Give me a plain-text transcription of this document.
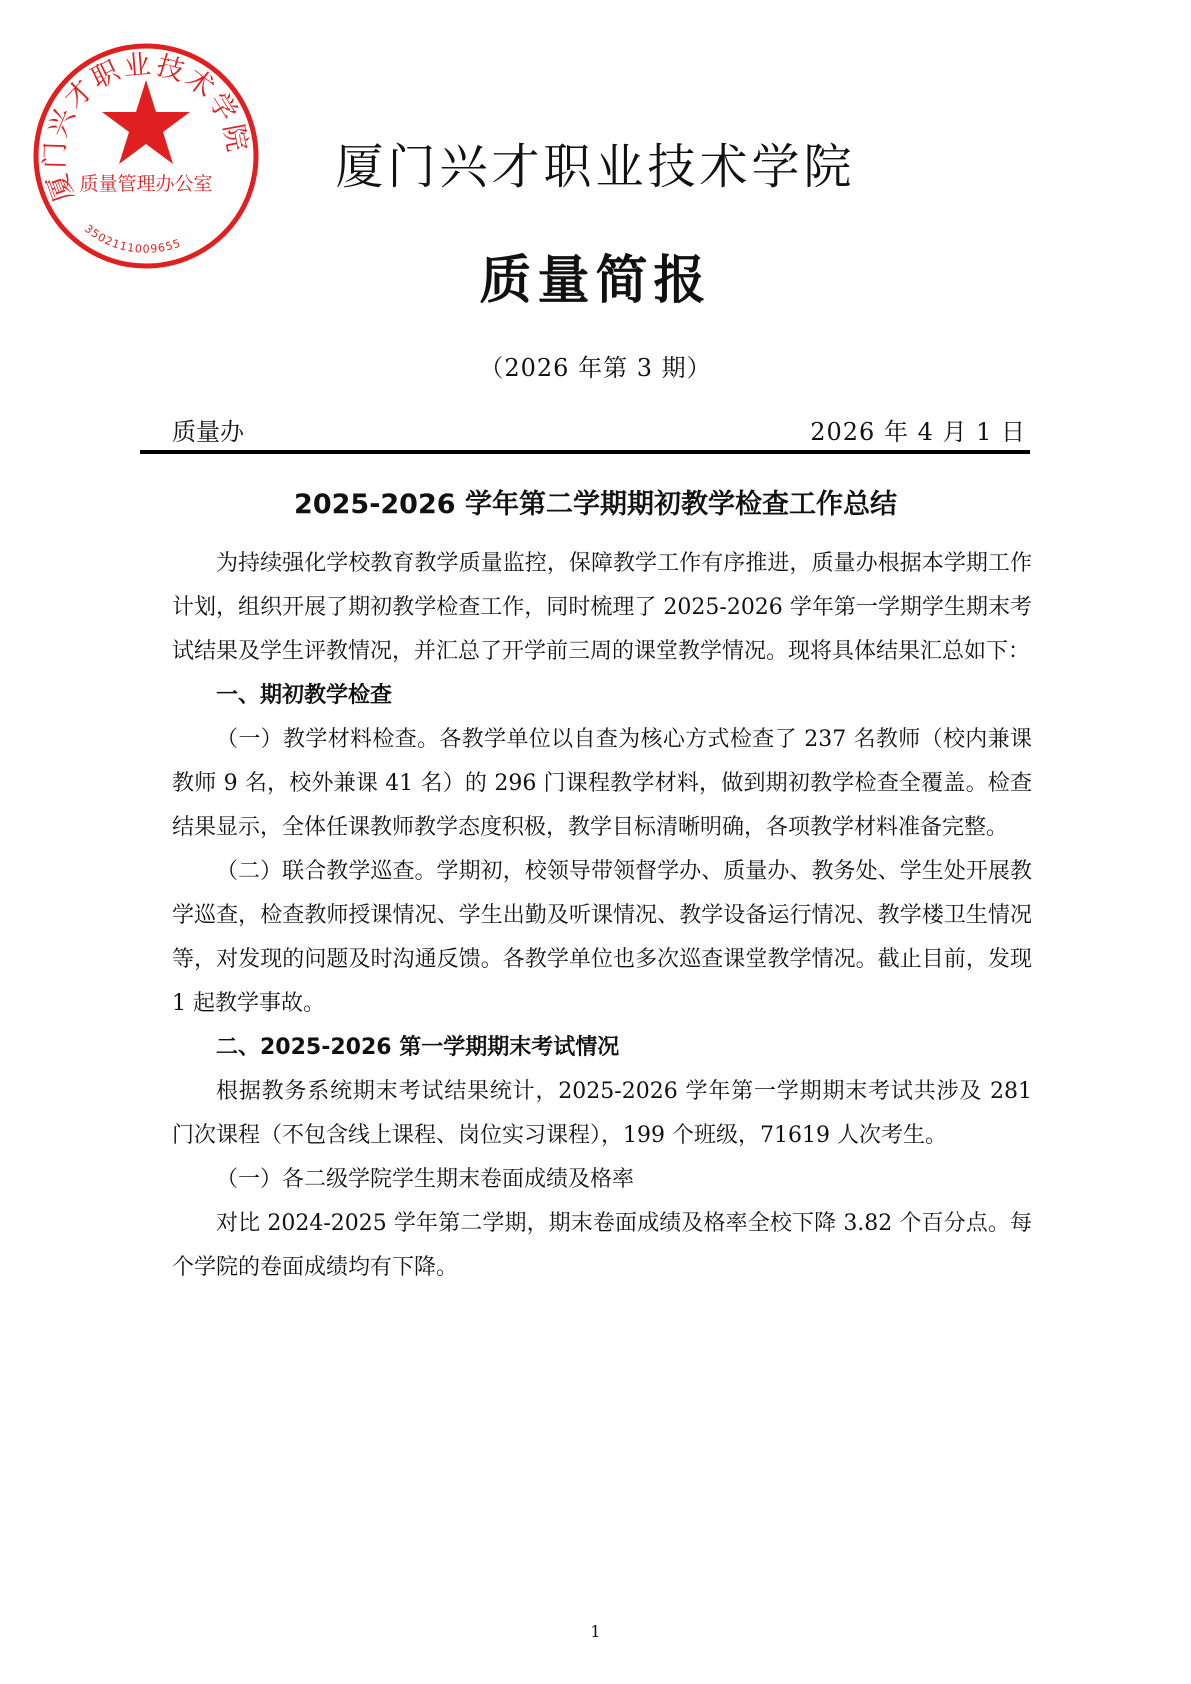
厦门兴才职业技术学院
质量简报
（2026 年第 3 期）
质量办	2026 年 4 月 1 日
2025-2026 学年第二学期期初教学检查工作总结

为持续强化学校教育教学质量监控，保障教学工作有序推进，质量办根据本学期工作计划，组织开展了期初教学检查工作，同时梳理了 2025-2026 学年第一学期学生期末考试结果及学生评教情况，并汇总了开学前三周的课堂教学情况。现将具体结果汇总如下：

一、期初教学检查

（一）教学材料检查。各教学单位以自查为核心方式检查了 237 名教师（校内兼课教师 9 名，校外兼课 41 名）的 296 门课程教学材料，做到期初教学检查全覆盖。检查结果显示，全体任课教师教学态度积极，教学目标清晰明确，各项教学材料准备完整。

（二）联合教学巡查。学期初，校领导带领督学办、质量办、教务处、学生处开展教学巡查，检查教师授课情况、学生出勤及听课情况、教学设备运行情况、教学楼卫生情况等，对发现的问题及时沟通反馈。各教学单位也多次巡查课堂教学情况。截止目前，发现 1 起教学事故。

二、2025-2026 第一学期期末考试情况

根据教务系统期末考试结果统计，2025-2026 学年第一学期期末考试共涉及 281 门次课程（不包含线上课程、岗位实习课程），199 个班级，71619 人次考生。

（一）各二级学院学生期末卷面成绩及格率

对比 2024-2025 学年第二学期，期末卷面成绩及格率全校下降 3.82 个百分点。每个学院的卷面成绩均有下降。

1
厦门兴才职业技术学院
质量管理办公室
3502111009655
